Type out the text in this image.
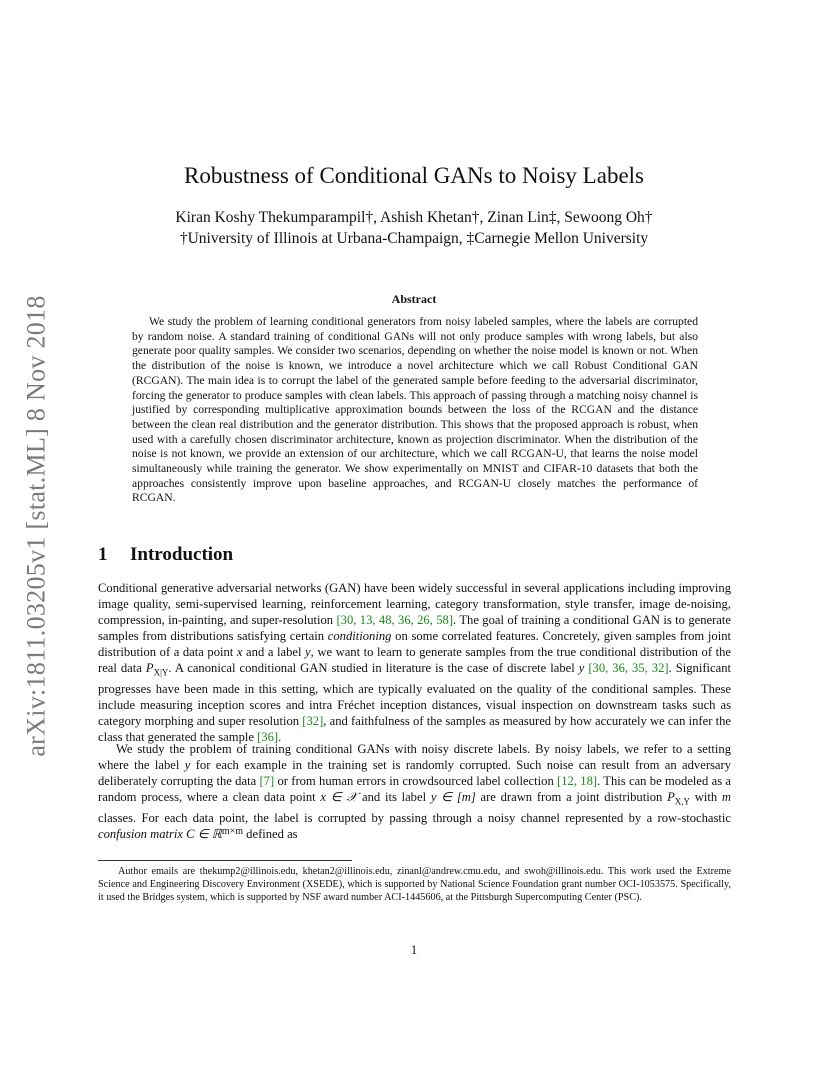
arXiv:1811.03205v1 [stat.ML] 8 Nov 2018
Robustness of Conditional GANs to Noisy Labels
Kiran Koshy Thekumparampil†, Ashish Khetan†, Zinan Lin‡, Sewoong Oh†
†University of Illinois at Urbana-Champaign, ‡Carnegie Mellon University
Abstract

We study the problem of learning conditional generators from noisy labeled samples, where the labels are corrupted by random noise. A standard training of conditional GANs will not only produce samples with wrong labels, but also generate poor quality samples. We consider two scenarios, depending on whether the noise model is known or not. When the distribution of the noise is known, we introduce a novel architecture which we call Robust Conditional GAN (RCGAN). The main idea is to corrupt the label of the generated sample before feeding to the adversarial discriminator, forcing the generator to produce samples with clean labels. This approach of passing through a matching noisy channel is justified by corresponding multiplicative approximation bounds between the loss of the RCGAN and the distance between the clean real distribution and the generator distribution. This shows that the proposed approach is robust, when used with a carefully chosen discriminator architecture, known as projection discriminator. When the distribution of the noise is not known, we provide an extension of our architecture, which we call RCGAN-U, that learns the noise model simultaneously while training the generator. We show experimentally on MNIST and CIFAR-10 datasets that both the approaches consistently improve upon baseline approaches, and RCGAN-U closely matches the performance of RCGAN.

1 Introduction

Conditional generative adversarial networks (GAN) have been widely successful in several applications including improving image quality, semi-supervised learning, reinforcement learning, category transformation, style transfer, image de-noising, compression, in-painting, and super-resolution [30, 13, 48, 36, 26, 58]. The goal of training a conditional GAN is to generate samples from distributions satisfying certain conditioning on some correlated features. Concretely, given samples from joint distribution of a data point x and a label y, we want to learn to generate samples from the true conditional distribution of the real data $P_{X|Y}$. A canonical conditional GAN studied in literature is the case of discrete label y [30, 36, 35, 32]. Significant progresses have been made in this setting, which are typically evaluated on the quality of the conditional samples. These include measuring inception scores and intra Fréchet inception distances, visual inspection on downstream tasks such as category morphing and super resolution [32], and faithfulness of the samples as measured by how accurately we can infer the class that generated the sample [36].

We study the problem of training conditional GANs with noisy discrete labels. By noisy labels, we refer to a setting where the label y for each example in the training set is randomly corrupted. Such noise can result from an adversary deliberately corrupting the data [7] or from human errors in crowdsourced label collection [12, 18]. This can be modeled as a random process, where a clean data point x ∈ 𝒳 and its label y ∈ [m] are drawn from a joint distribution $P_{X,Y}$ with m classes. For each data point, the label is corrupted by passing through a noisy channel represented by a row-stochastic confusion matrix C ∈ ℝ$^{m\times m}$ defined as

Author emails are thekump2@illinois.edu, khetan2@illinois.edu, zinanl@andrew.cmu.edu, and swoh@illinois.edu. This work used the Extreme Science and Engineering Discovery Environment (XSEDE), which is supported by National Science Foundation grant number OCI-1053575. Specifically, it used the Bridges system, which is supported by NSF award number ACI-1445606, at the Pittsburgh Supercomputing Center (PSC).

1
